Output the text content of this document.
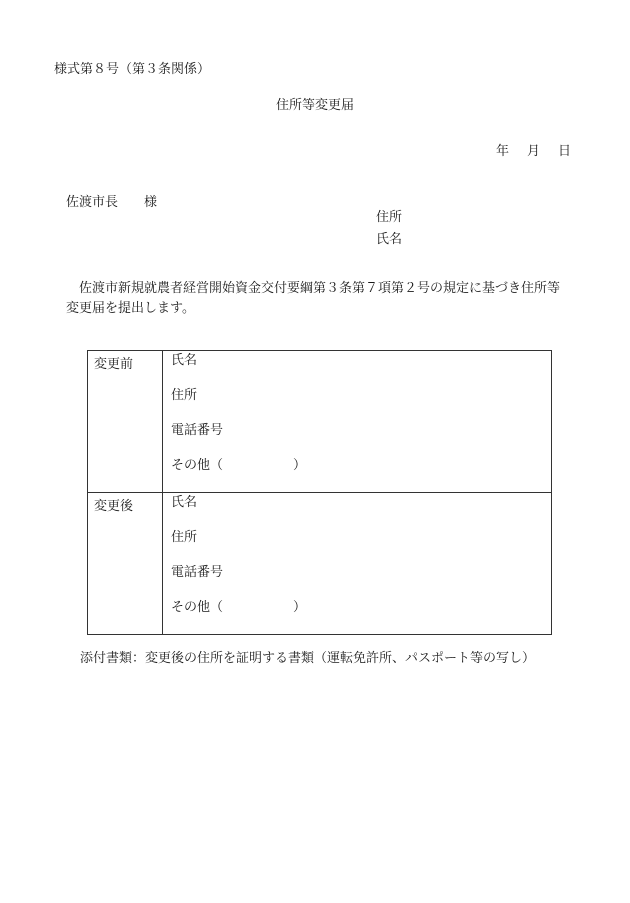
様式第８号（第３条関係）
住所等変更届
年 月 日
佐渡市長 様
住所
氏名
佐渡市新規就農者経営開始資金交付要綱第３条第７項第２号の規定に基づき住所等変更届を提出します。
変更前	氏名
住所
電話番号
その他（ ）

変更後	氏名
住所
電話番号
その他（ ）
添付書類：変更後の住所を証明する書類（運転免許所、パスポート等の写し）
